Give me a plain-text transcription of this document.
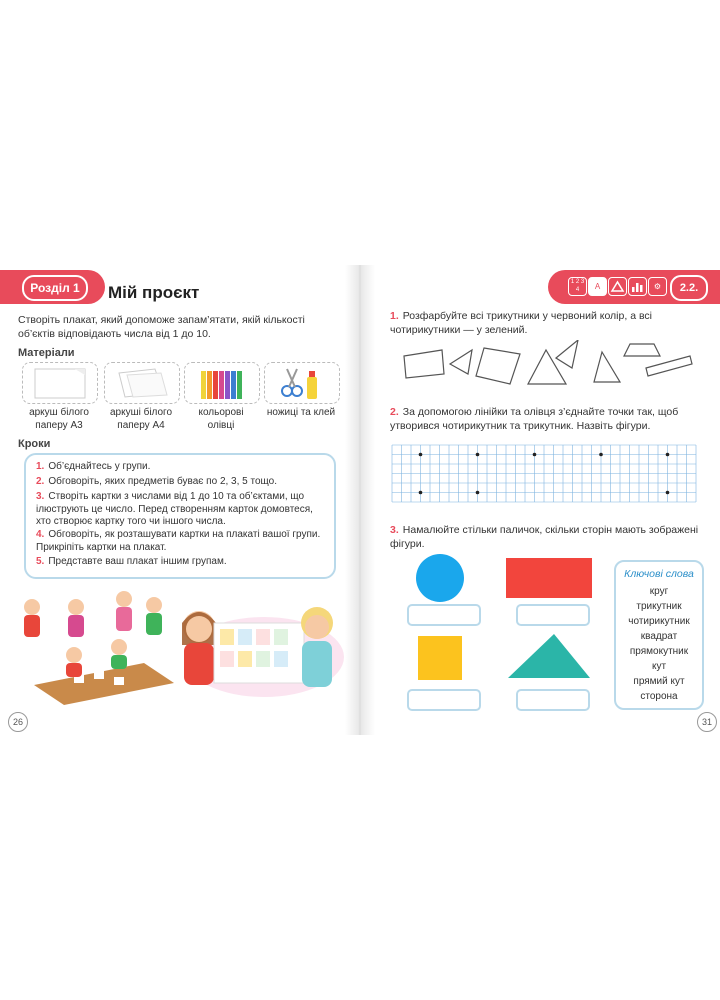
Розділ 1	Мій проєкт
Створіть плакат, який допоможе запам’ятати, якій кількості об’єктів відповідають числа від 1 до 10.
Матеріали
аркуш білого паперу А3
аркуші білого паперу А4
кольорові олівці
ножиці та клей
Кроки
1. Об’єднайтесь у групи.
2. Обговоріть, яких предметів буває по 2, 3, 5 тощо.
3. Створіть картки з числами від 1 до 10 та об’єктами, що ілюструють це число. Перед створенням карток домовтеся, хто створює картку того чи іншого числа.
4. Обговоріть, як розташувати картки на плакаті вашої групи. Прикріпіть картки на плакат.
5. Представте ваш плакат іншим групам.
26
1 2 3 4	А	⚙	2.2.
1. Розфарбуйте всі трикутники у червоний колір, а всі чотирикутники — у зелений.
2. За допомогою лінійки та олівця з’єднайте точки так, щоб утворився чотирикутник та трикутник. Назвіть фігури.
3. Намалюйте стільки паличок, скільки сторін мають зображені фігури.
Ключові слова
круг
трикутник
чотирикутник
квадрат
прямокутник
кут
прямий кут
сторона
31
